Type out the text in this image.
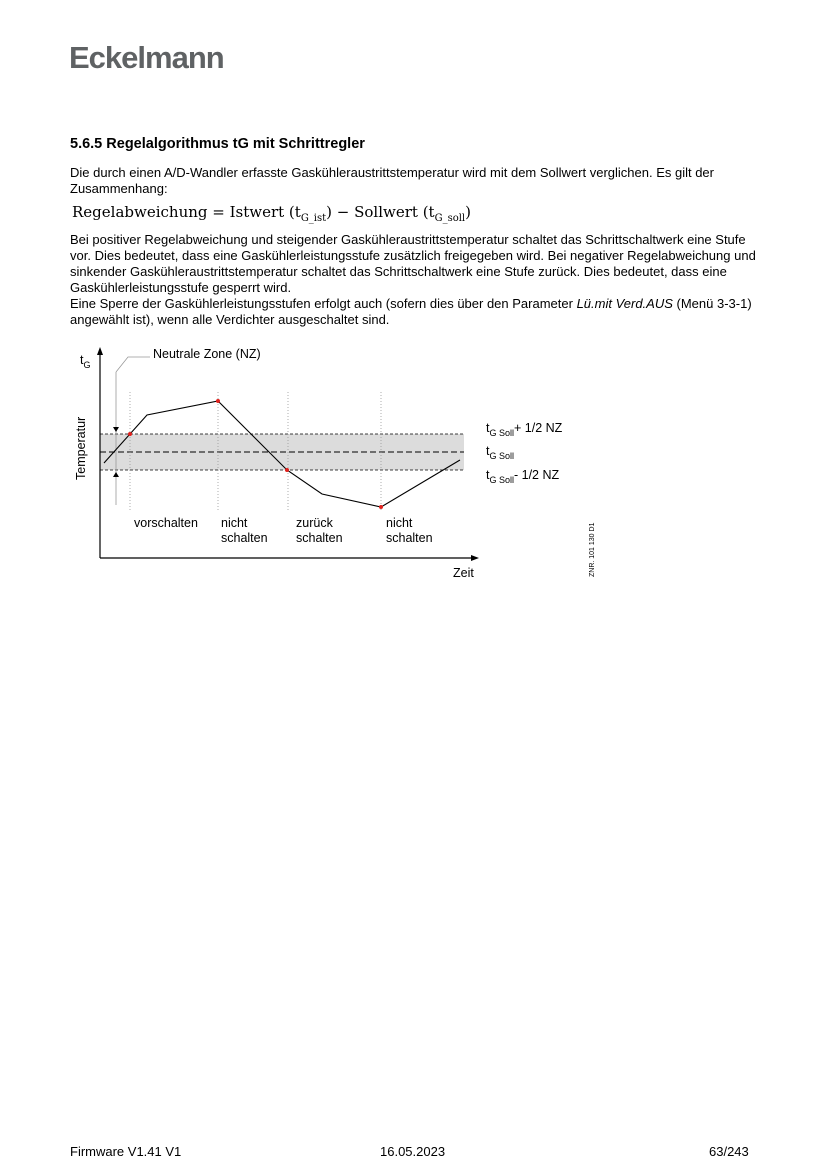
Eckelmann
5.6.5 Regelalgorithmus tG mit Schrittregler
Die durch einen A/D-Wandler erfasste Gaskühleraustrittstemperatur wird mit dem Sollwert verglichen. Es gilt der Zusammenhang:
Regelabweichung = Istwert $(t_{G\_ist})$ − Sollwert $(t_{G\_soll})$
Bei positiver Regelabweichung und steigender Gaskühleraustrittstemperatur schaltet das Schrittschaltwerk eine Stufe vor. Dies bedeutet, dass eine Gaskühlerleistungsstufe zusätzlich freigegeben wird. Bei negativer Regelabweichung und sinkender Gaskühleraustrittstemperatur schaltet das Schrittschaltwerk eine Stufe zurück. Dies bedeutet, dass eine Gaskühlerleistungsstufe gesperrt wird.
Eine Sperre der Gaskühlerleistungsstufen erfolgt auch (sofern dies über den Parameter Lü.mit Verd.AUS (Menü 3-3-1) angewählt ist), wenn alle Verdichter ausgeschaltet sind.
$t_G$
Temperatur
Zeit
Neutrale Zone (NZ)
$t_{G Soll}+ 1/2$ NZ
$t_{G Soll}$
$t_{G Soll}-$ 1/2 NZ
vorschalten nicht
schalten
zurück
schalten
nicht
schalten	ZNR. 101 130 D1
Firmware V1.41 V1	16.05.2023	63/243
